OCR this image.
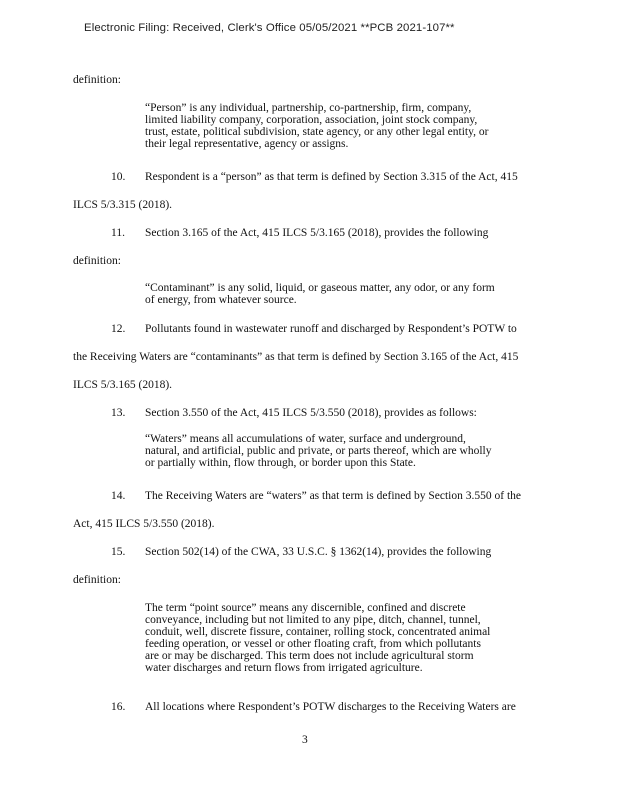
Electronic Filing: Received, Clerk's Office 05/05/2021 **PCB 2021-107**
definition:
“Person” is any individual, partnership, co-partnership, firm, company,
limited liability company, corporation, association, joint stock company,
trust, estate, political subdivision, state agency, or any other legal entity, or
their legal representative, agency or assigns.
10. Respondent is a “person” as that term is defined by Section 3.315 of the Act, 415
ILCS 5/3.315 (2018).
11. Section 3.165 of the Act, 415 ILCS 5/3.165 (2018), provides the following
definition:
“Contaminant” is any solid, liquid, or gaseous matter, any odor, or any form
of energy, from whatever source.
12. Pollutants found in wastewater runoff and discharged by Respondent’s POTW to
the Receiving Waters are “contaminants” as that term is defined by Section 3.165 of the Act, 415
ILCS 5/3.165 (2018).
13. Section 3.550 of the Act, 415 ILCS 5/3.550 (2018), provides as follows:
“Waters” means all accumulations of water, surface and underground,
natural, and artificial, public and private, or parts thereof, which are wholly
or partially within, flow through, or border upon this State.
14. The Receiving Waters are “waters” as that term is defined by Section 3.550 of the
Act, 415 ILCS 5/3.550 (2018).
15. Section 502(14) of the CWA, 33 U.S.C. § 1362(14), provides the following
definition:
The term “point source” means any discernible, confined and discrete
conveyance, including but not limited to any pipe, ditch, channel, tunnel,
conduit, well, discrete fissure, container, rolling stock, concentrated animal
feeding operation, or vessel or other floating craft, from which pollutants
are or may be discharged. This term does not include agricultural storm
water discharges and return flows from irrigated agriculture.
16. All locations where Respondent’s POTW discharges to the Receiving Waters are
3
